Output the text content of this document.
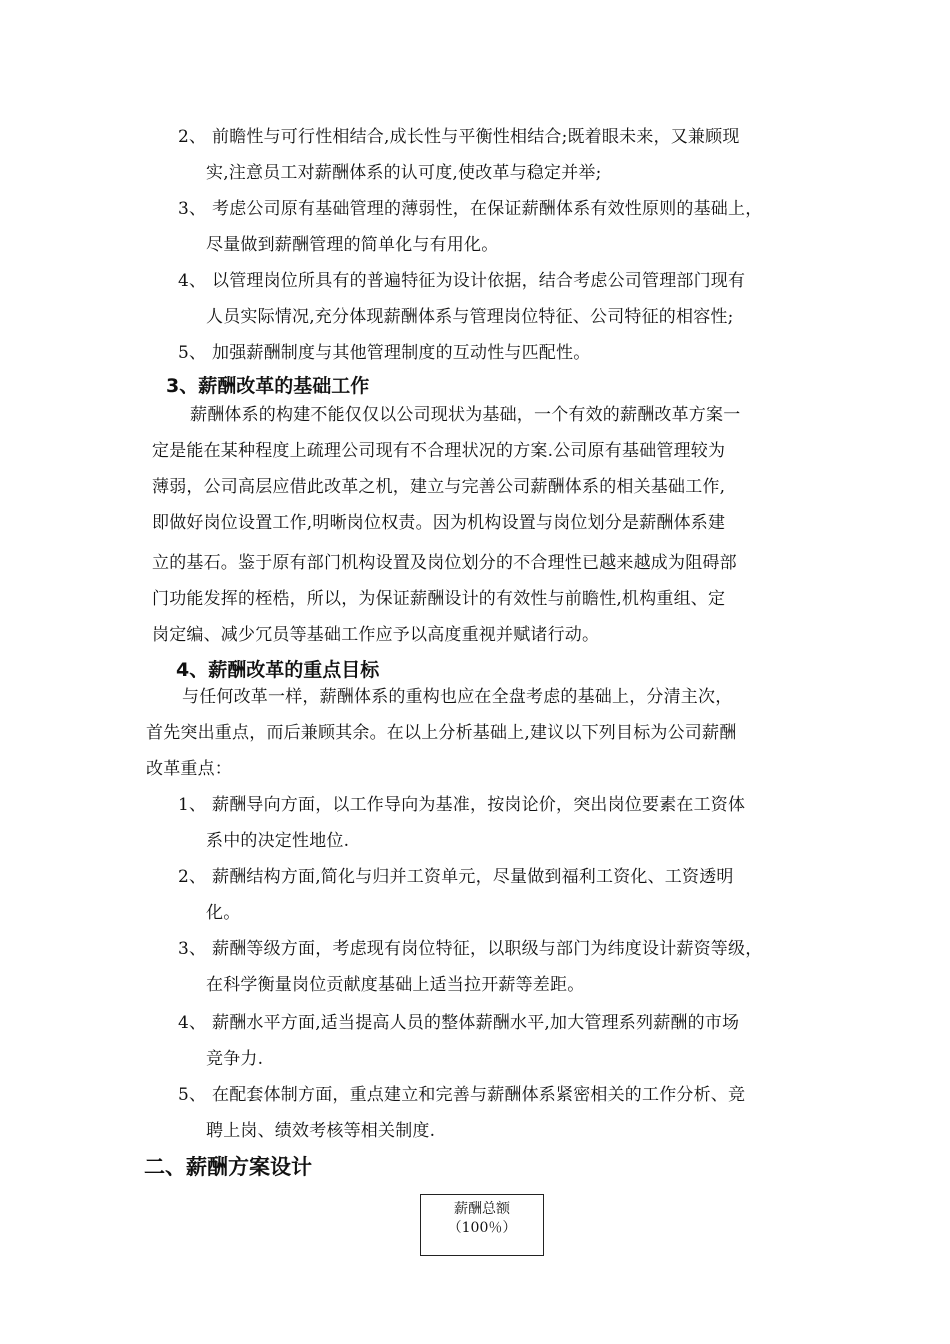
2、 前瞻性与可行性相结合,成长性与平衡性相结合;既着眼未来，又兼顾现
实,注意员工对薪酬体系的认可度,使改革与稳定并举;
3、 考虑公司原有基础管理的薄弱性，在保证薪酬体系有效性原则的基础上，
尽量做到薪酬管理的简单化与有用化。
4、 以管理岗位所具有的普遍特征为设计依据，结合考虑公司管理部门现有
人员实际情况,充分体现薪酬体系与管理岗位特征、公司特征的相容性;
5、 加强薪酬制度与其他管理制度的互动性与匹配性。
3、薪酬改革的基础工作
薪酬体系的构建不能仅仅以公司现状为基础，一个有效的薪酬改革方案一
定是能在某种程度上疏理公司现有不合理状况的方案.公司原有基础管理较为
薄弱，公司高层应借此改革之机，建立与完善公司薪酬体系的相关基础工作,
即做好岗位设置工作,明晰岗位权责。因为机构设置与岗位划分是薪酬体系建
立的基石。鉴于原有部门机构设置及岗位划分的不合理性已越来越成为阻碍部
门功能发挥的桎梏，所以，为保证薪酬设计的有效性与前瞻性,机构重组、定
岗定编、减少冗员等基础工作应予以高度重视并赋诸行动。
4、薪酬改革的重点目标
与任何改革一样，薪酬体系的重构也应在全盘考虑的基础上，分清主次，
首先突出重点，而后兼顾其余。在以上分析基础上,建议以下列目标为公司薪酬
改革重点：
1、 薪酬导向方面，以工作导向为基准，按岗论价，突出岗位要素在工资体
系中的决定性地位.
2、 薪酬结构方面,简化与归并工资单元，尽量做到福利工资化、工资透明
化。
3、 薪酬等级方面，考虑现有岗位特征，以职级与部门为纬度设计薪资等级，
在科学衡量岗位贡献度基础上适当拉开薪等差距。
4、 薪酬水平方面,适当提高人员的整体薪酬水平,加大管理系列薪酬的市场
竞争力.
5、 在配套体制方面，重点建立和完善与薪酬体系紧密相关的工作分析、竞
聘上岗、绩效考核等相关制度.
二、薪酬方案设计
薪酬总额
（100％）
